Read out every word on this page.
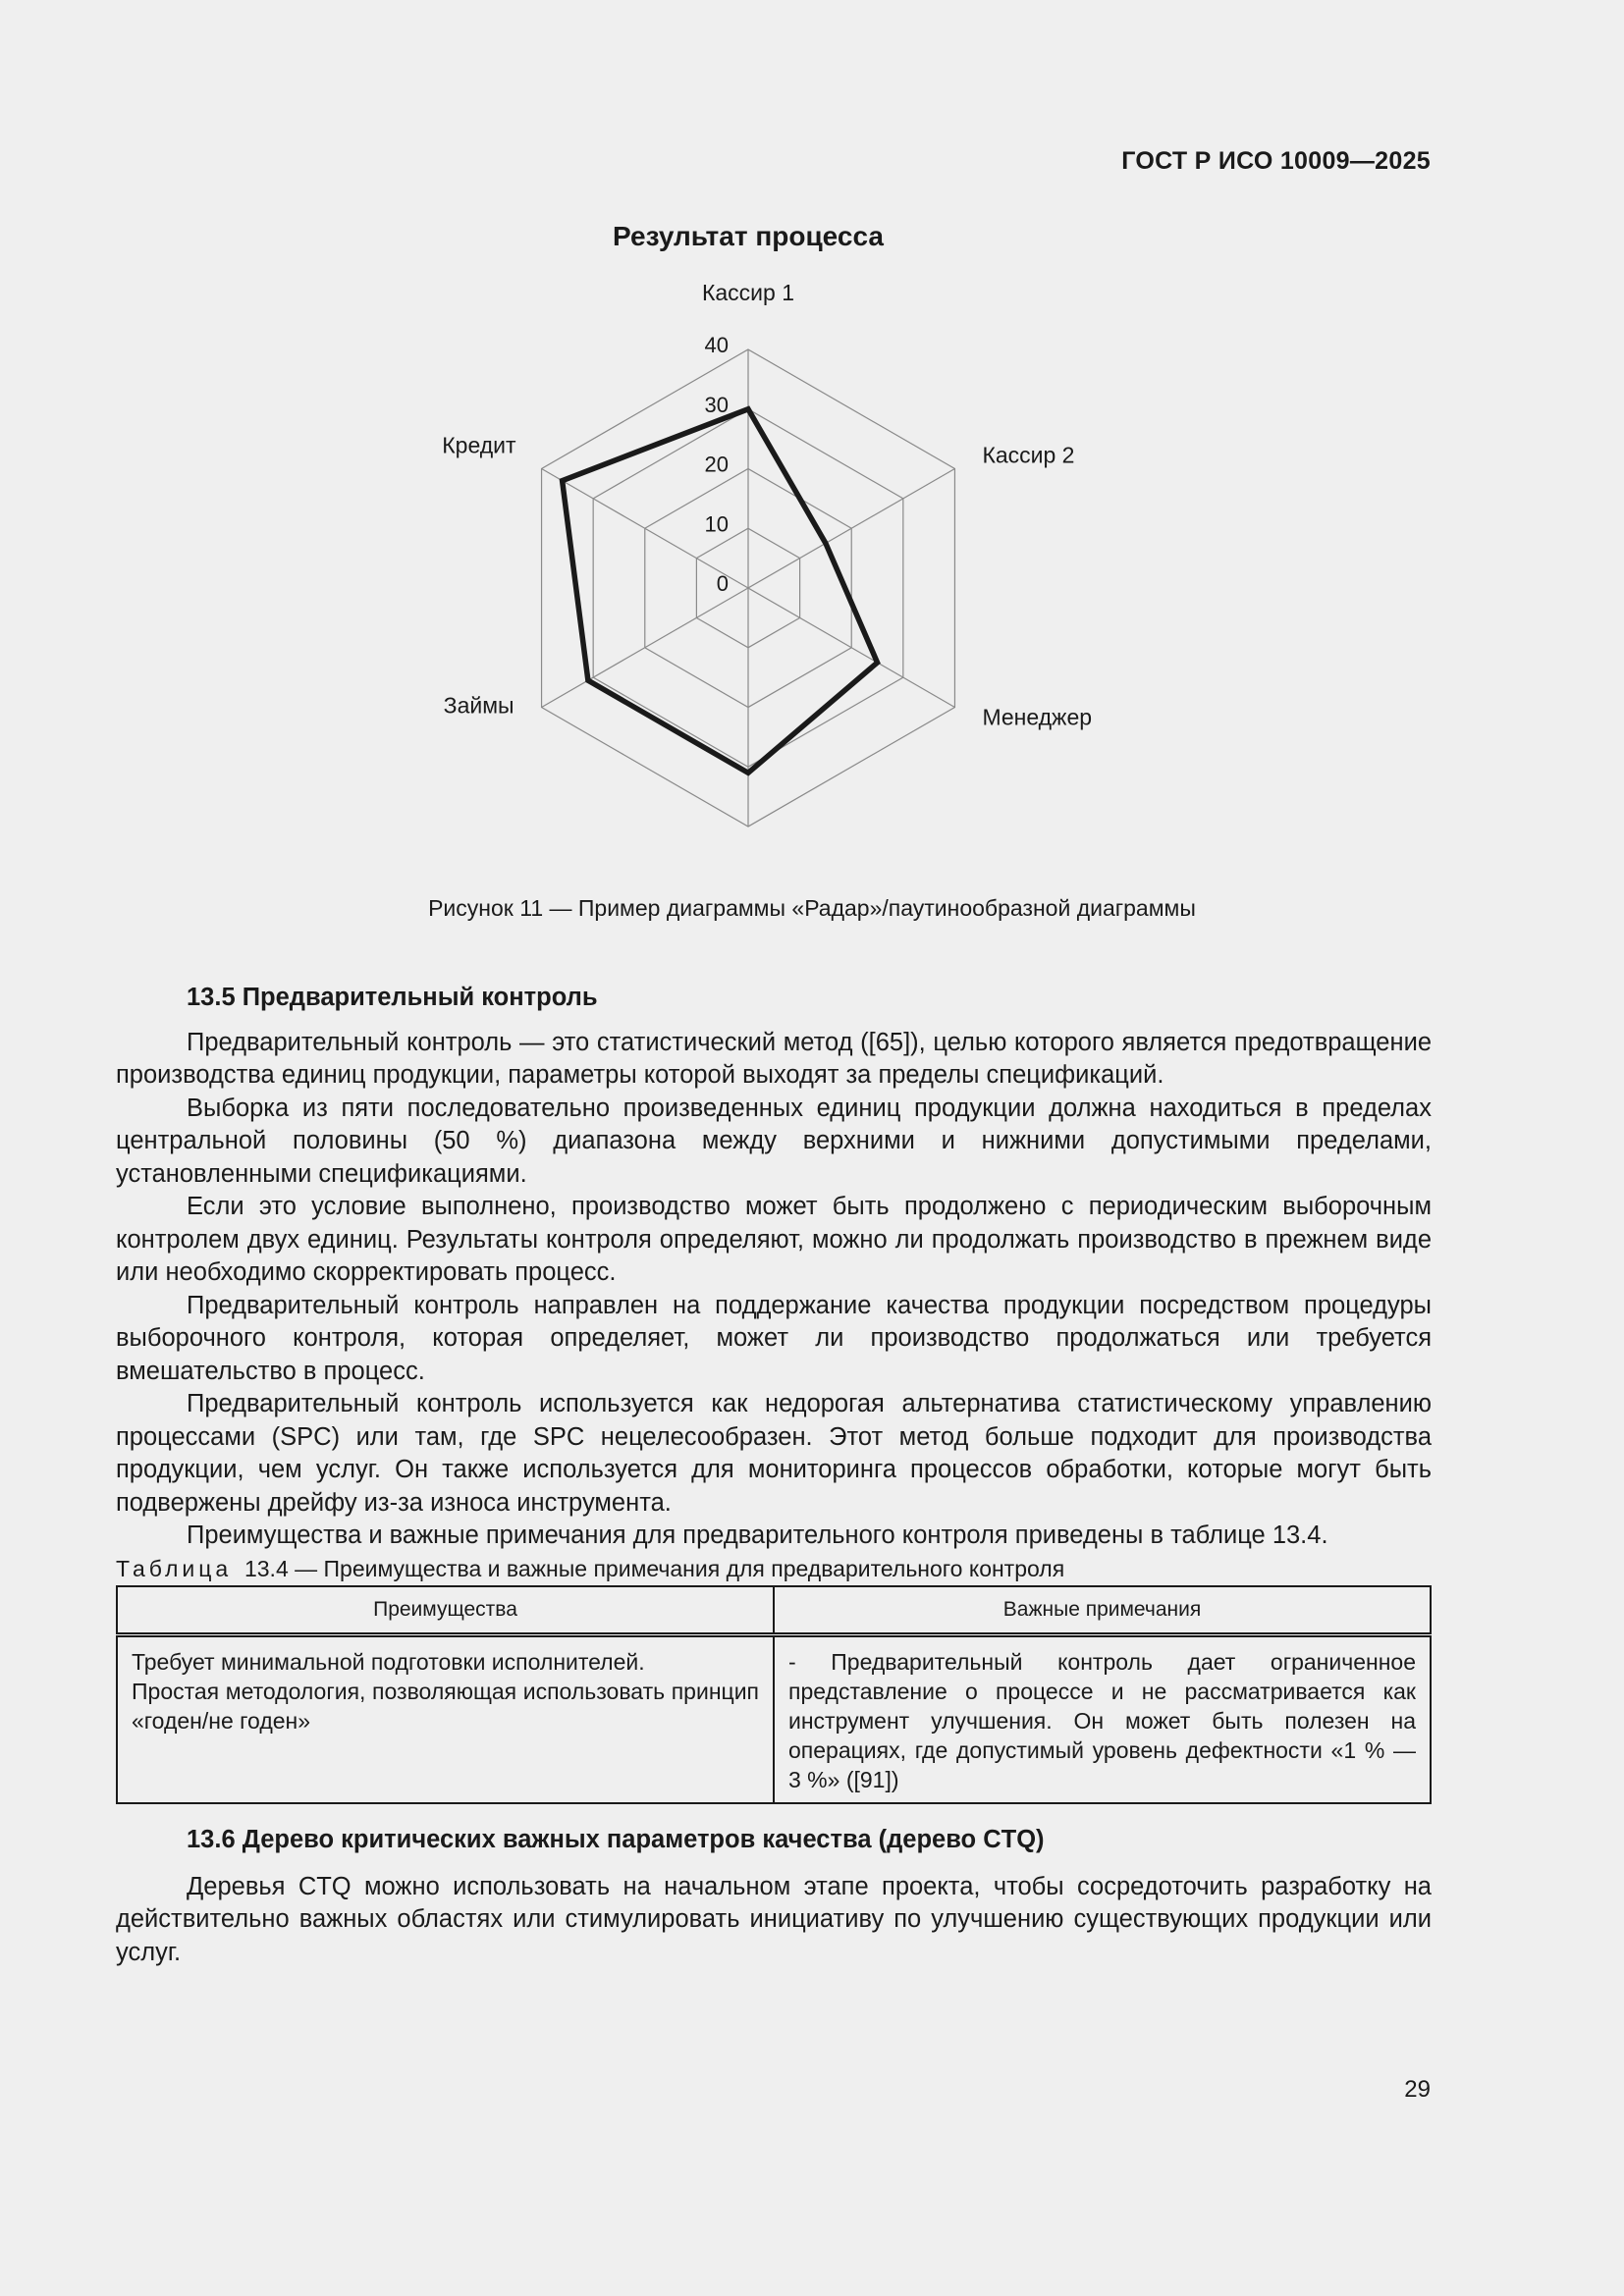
ГОСТ Р ИСО 10009—2025
Результат процесса
0
10
20
30
40
Кассир 1
Кассир 2
Менеджер
Займы
Кредит
Рисунок 11 — Пример диаграммы «Радар»/паутинообразной диаграммы
13.5 Предварительный контроль

Предварительный контроль — это статистический метод ([65]), целью которого является предотвращение производства единиц продукции, параметры которой выходят за пределы спецификаций.

Выборка из пяти последовательно произведенных единиц продукции должна находиться в пределах центральной половины (50 %) диапазона между верхними и нижними допустимыми пределами, установленными спецификациями.

Если это условие выполнено, производство может быть продолжено с периодическим выборочным контролем двух единиц. Результаты контроля определяют, можно ли продолжать производство в прежнем виде или необходимо скорректировать процесс.

Предварительный контроль направлен на поддержание качества продукции посредством процедуры выборочного контроля, которая определяет, может ли производство продолжаться или требуется вмешательство в процесс.

Предварительный контроль используется как недорогая альтернатива статистическому управлению процессами (SPC) или там, где SPC нецелесообразен. Этот метод больше подходит для производства продукции, чем услуг. Он также используется для мониторинга процессов обработки, которые могут быть подвержены дрейфу из-за износа инструмента.

Преимущества и важные примечания для предварительного контроля приведены в таблице 13.4.

Таблица 13.4 — Преимущества и важные примечания для предварительного контроля

Преимущества	Важные примечания

Требует минимальной подготовки исполнителей.
Простая методология, позволяющая использовать принцип «годен/не годен»	- Предварительный контроль дает ограниченное представление о процессе и не рассматривается как инструмент улучшения. Он может быть полезен на операциях, где допустимый уровень дефектности «1 % — 3 %» ([91])
13.6 Дерево критических важных параметров качества (дерево CTQ)

Деревья CTQ можно использовать на начальном этапе проекта, чтобы сосредоточить разработку на действительно важных областях или стимулировать инициативу по улучшению существующих продукции или услуг.

29
